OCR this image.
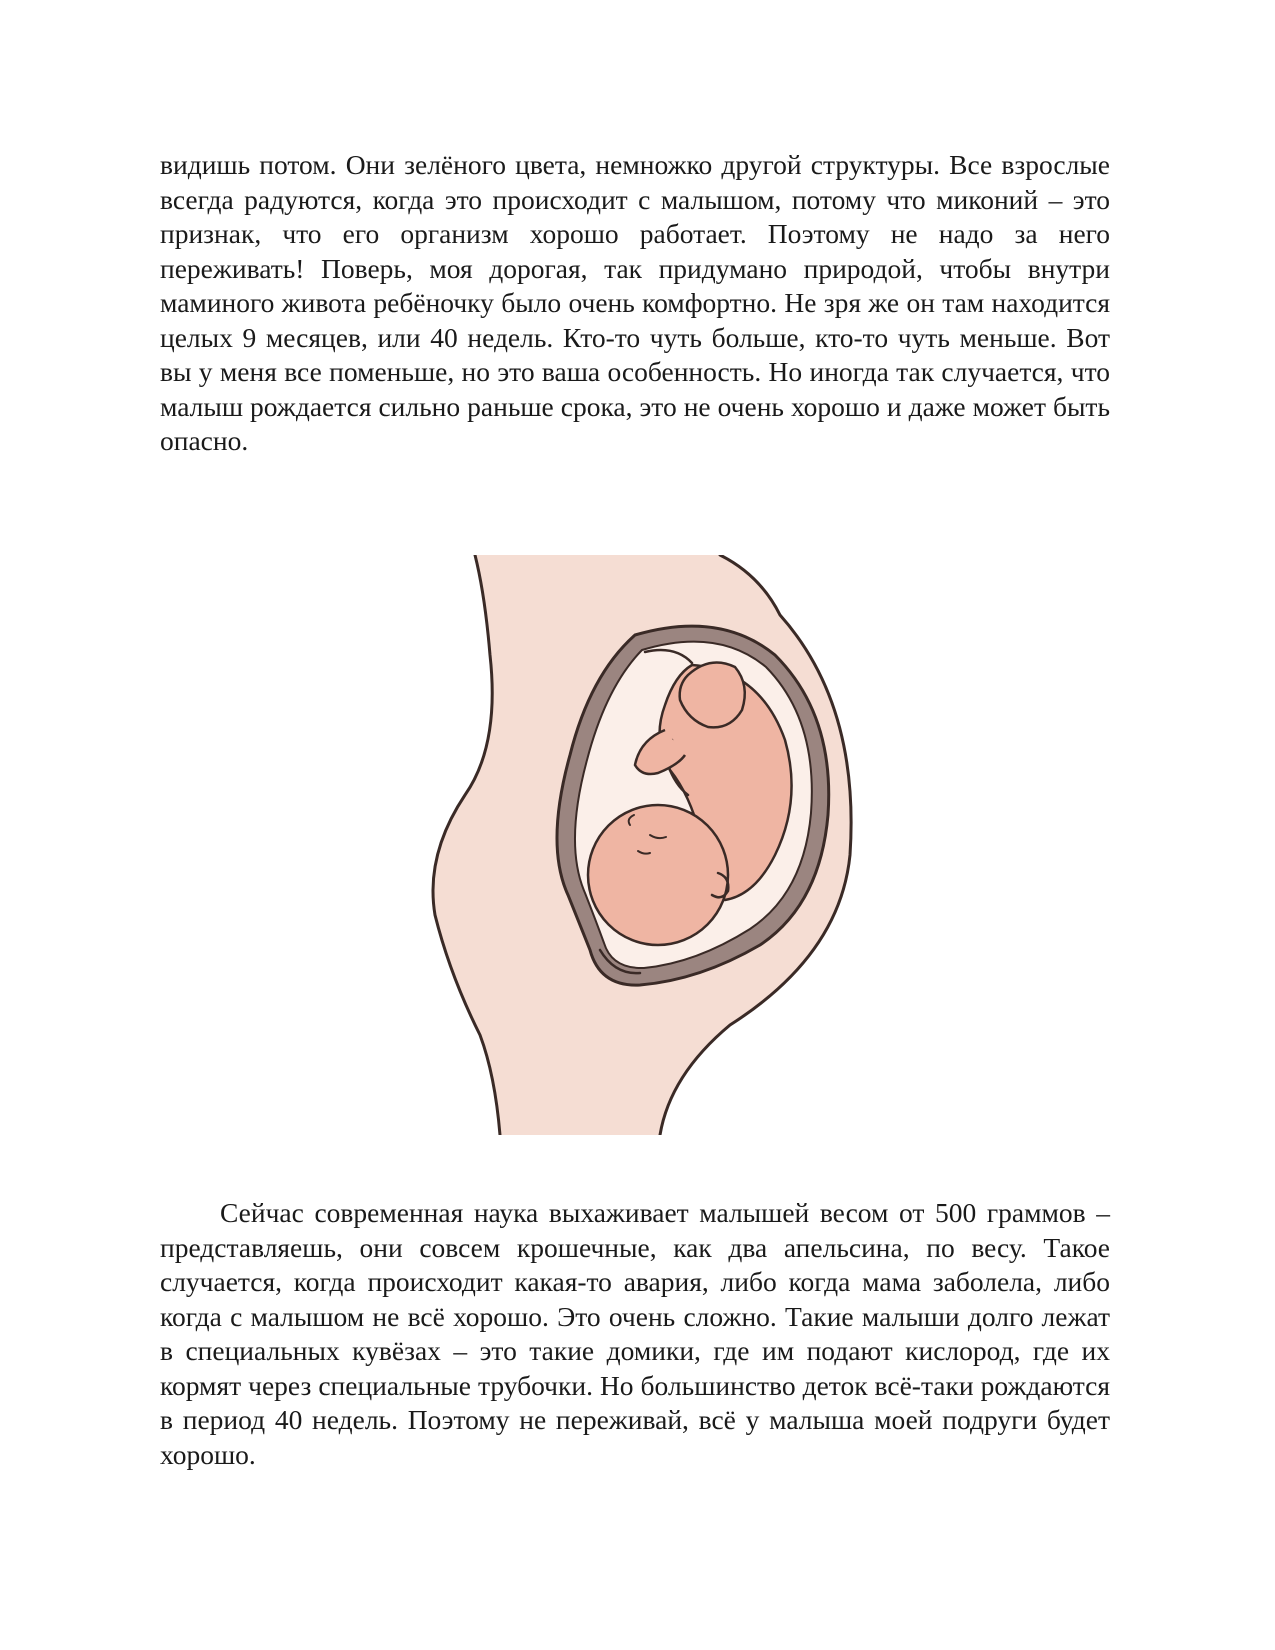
видишь потом. Они зелёного цвета, немножко другой структуры. Все взрослые всегда радуются, когда это происходит с малышом, потому что миконий – это признак, что его организм хорошо работает. Поэтому не надо за него переживать! Поверь, моя дорогая, так придумано природой, чтобы внутри маминого живота ребёночку было очень комфортно. Не зря же он там находится целых 9 месяцев, или 40 недель. Кто-то чуть больше, кто-то чуть меньше. Вот вы у меня все поменьше, но это ваша особенность. Но иногда так случается, что малыш рождается сильно раньше срока, это не очень хорошо и даже может быть опасно.

Сейчас современная наука выхаживает малышей весом от 500 граммов – представляешь, они совсем крошечные, как два апельсина, по весу. Такое случается, когда происходит какая-то авария, либо когда мама заболела, либо когда с малышом не всё хорошо. Это очень сложно. Такие малыши долго лежат в специальных кувёзах – это такие домики, где им подают кислород, где их кормят через специальные трубочки. Но большинство деток всё-таки рождаются в период 40 недель. Поэтому не переживай, всё у малыша моей подруги будет хорошо.
